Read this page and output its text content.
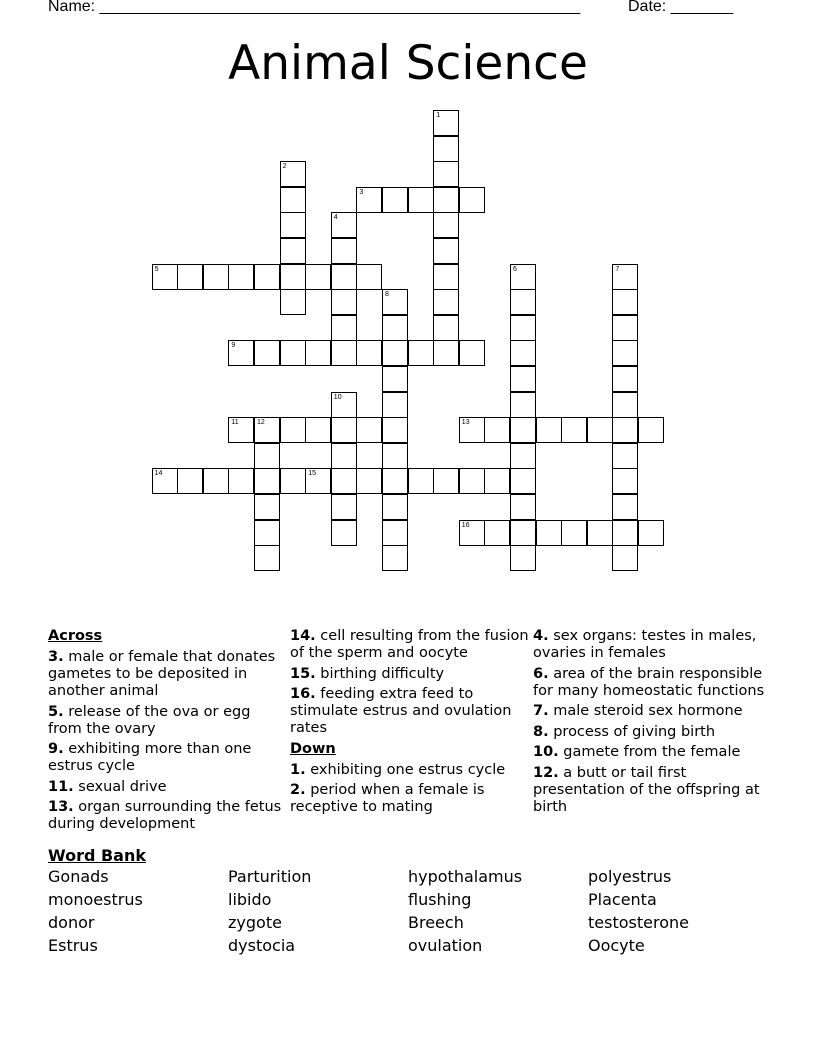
Name: ______________________________________________________	Date: _______
Animal Science
1
2
3
4
5	6	7
8
9
10
11	12	13
14	15
16
Across
3. male or female that donates gametes to be deposited in another animal
5. release of the ova or egg from the ovary
9. exhibiting more than one estrus cycle
11. sexual drive
13. organ surrounding the fetus during development
14. cell resulting from the fusion of the sperm and oocyte
15. birthing difficulty
16. feeding extra feed to stimulate estrus and ovulation rates
Down
1. exhibiting one estrus cycle
2. period when a female is receptive to mating
4. sex organs: testes in males, ovaries in females
6. area of the brain responsible for many homeostatic functions
7. male steroid sex hormone
8. process of giving birth
10. gamete from the female
12. a butt or tail first presentation of the offspring at birth
Word Bank
Gonads	Parturition	hypothalamus	polyestrus
monoestrus	libido	flushing	Placenta
donor	zygote	Breech	testosterone
Estrus	dystocia	ovulation	Oocyte
